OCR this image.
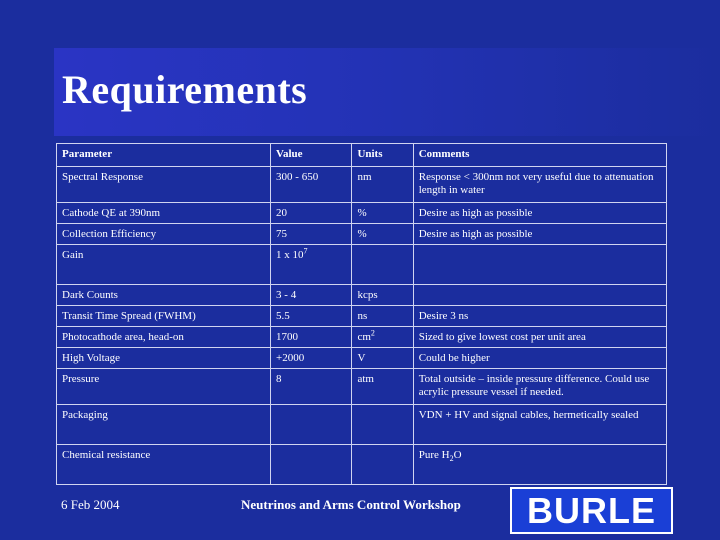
Requirements
Parameter	Value	Units	Comments
Spectral Response	300 - 650	nm	Response < 300nm not very useful due to attenuation length in water
Cathode QE at 390nm	20	%	Desire as high as possible
Collection Efficiency	75	%	Desire as high as possible
Gain	1 x $10^7$		
Dark Counts	3 - 4	kcps	
Transit Time Spread (FWHM)	5.5	ns	Desire 3 ns
Photocathode area, head-on	1700	$cm^2$	Sized to give lowest cost per unit area
High Voltage	+2000	V	Could be higher
Pressure	8	atm	Total outside – inside pressure difference. Could use acrylic pressure vessel if needed.
Packaging			VDN + HV and signal cables, hermetically sealed
Chemical resistance			Pure $H_2O$
6 Feb 2004	Neutrinos and Arms Control Workshop	BURLE
